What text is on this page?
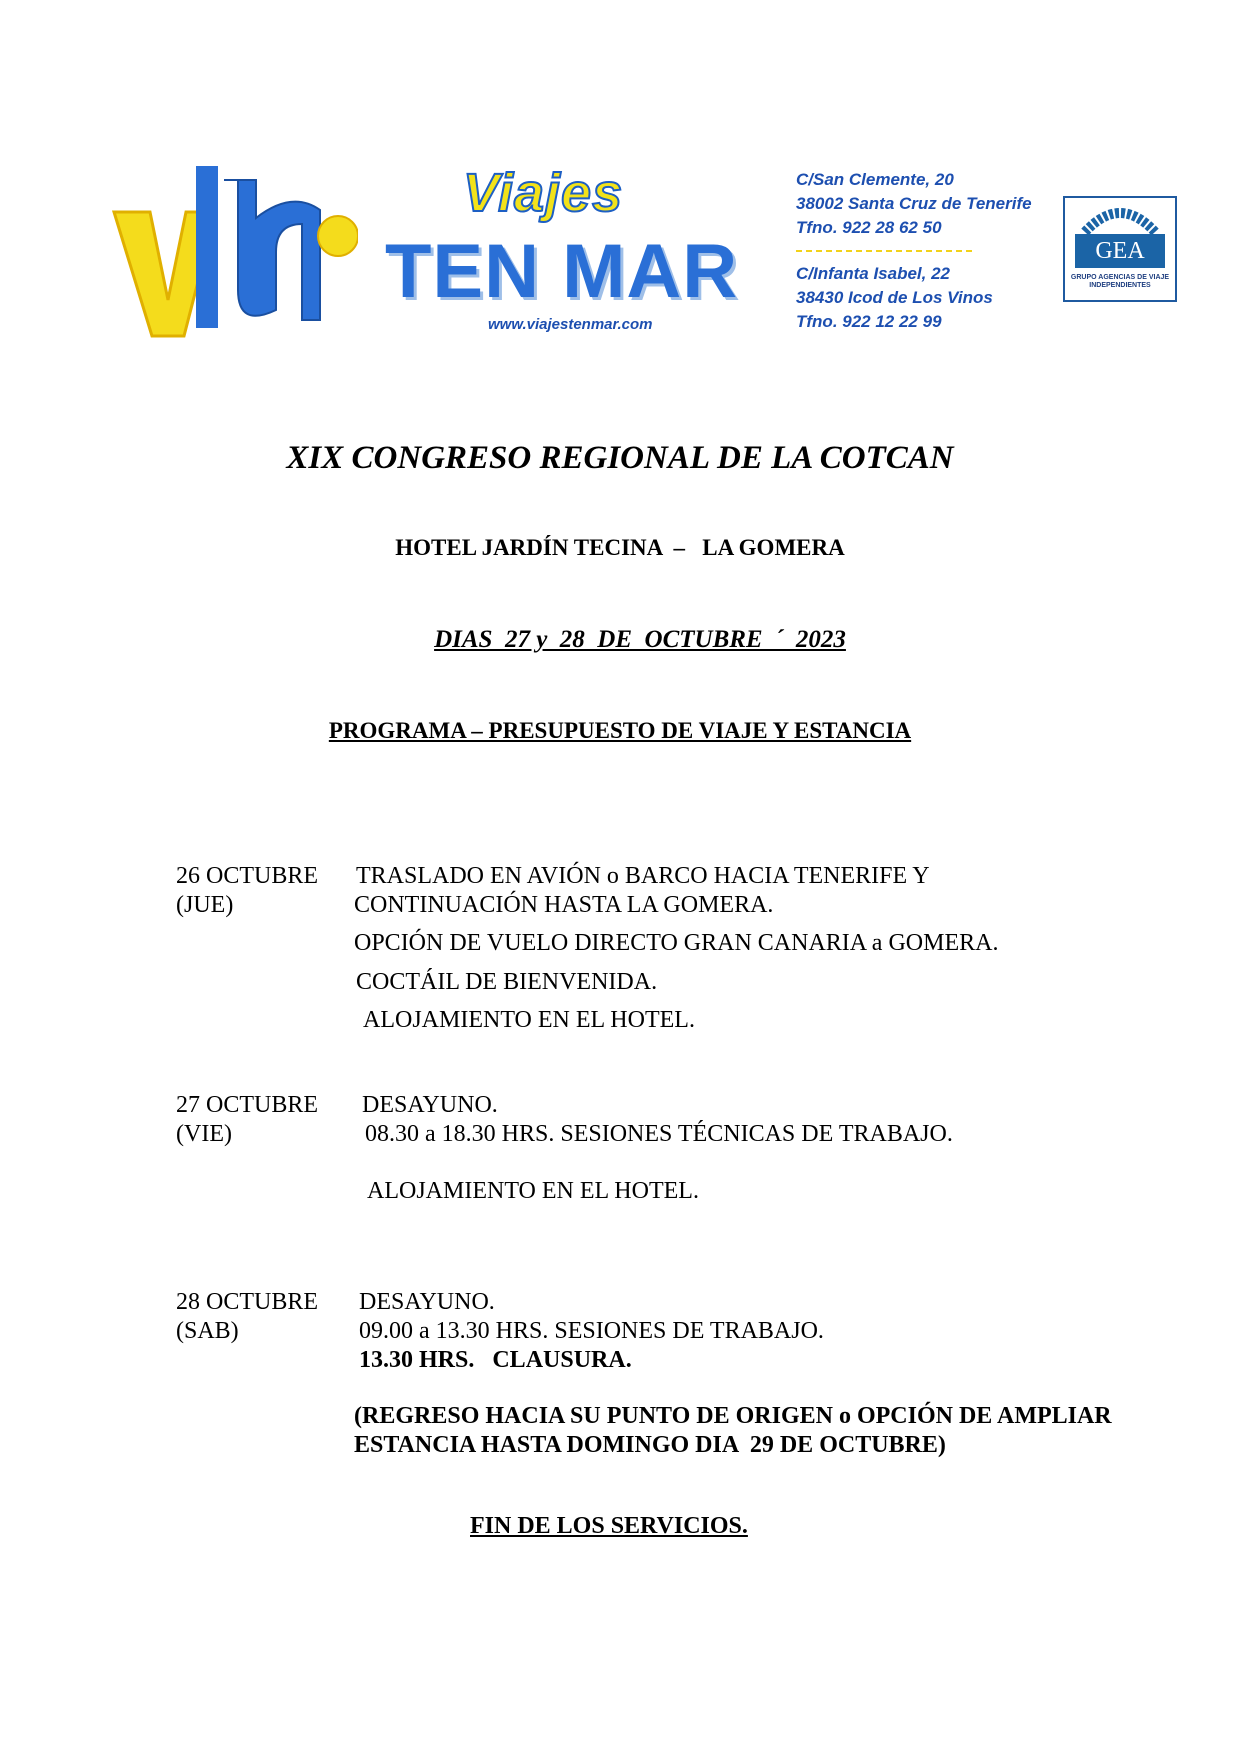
Viajes
TEN MAR
www.viajestenmar.com
C/San Clemente, 20
38002 Santa Cruz de Tenerife
Tfno. 922 28 62 50
C/Infanta Isabel, 22
38430 Icod de Los Vinos
Tfno. 922 12 22 99
GEA
GRUPO AGENCIAS DE VIAJE INDEPENDIENTES
XIX CONGRESO REGIONAL DE LA COTCAN
HOTEL JARDÍN TECINA  –   LA GOMERA
DIAS  27 y  28  DE  OCTUBRE  ´  2023
PROGRAMA – PRESUPUESTO DE VIAJE Y ESTANCIA
26 OCTUBRE
(JUE)
TRASLADO EN AVIÓN o BARCO HACIA TENERIFE Y
CONTINUACIÓN HASTA LA GOMERA.
OPCIÓN DE VUELO DIRECTO GRAN CANARIA a GOMERA.
COCTÁIL DE BIENVENIDA.
ALOJAMIENTO EN EL HOTEL.
27 OCTUBRE
(VIE)
DESAYUNO.
08.30 a 18.30 HRS. SESIONES TÉCNICAS DE TRABAJO.
ALOJAMIENTO EN EL HOTEL.
28 OCTUBRE
(SAB)
DESAYUNO.
09.00 a 13.30 HRS. SESIONES DE TRABAJO.
13.30 HRS.   CLAUSURA.
(REGRESO HACIA SU PUNTO DE ORIGEN o OPCIÓN DE AMPLIAR
ESTANCIA HASTA DOMINGO DIA  29 DE OCTUBRE)
FIN DE LOS SERVICIOS.
